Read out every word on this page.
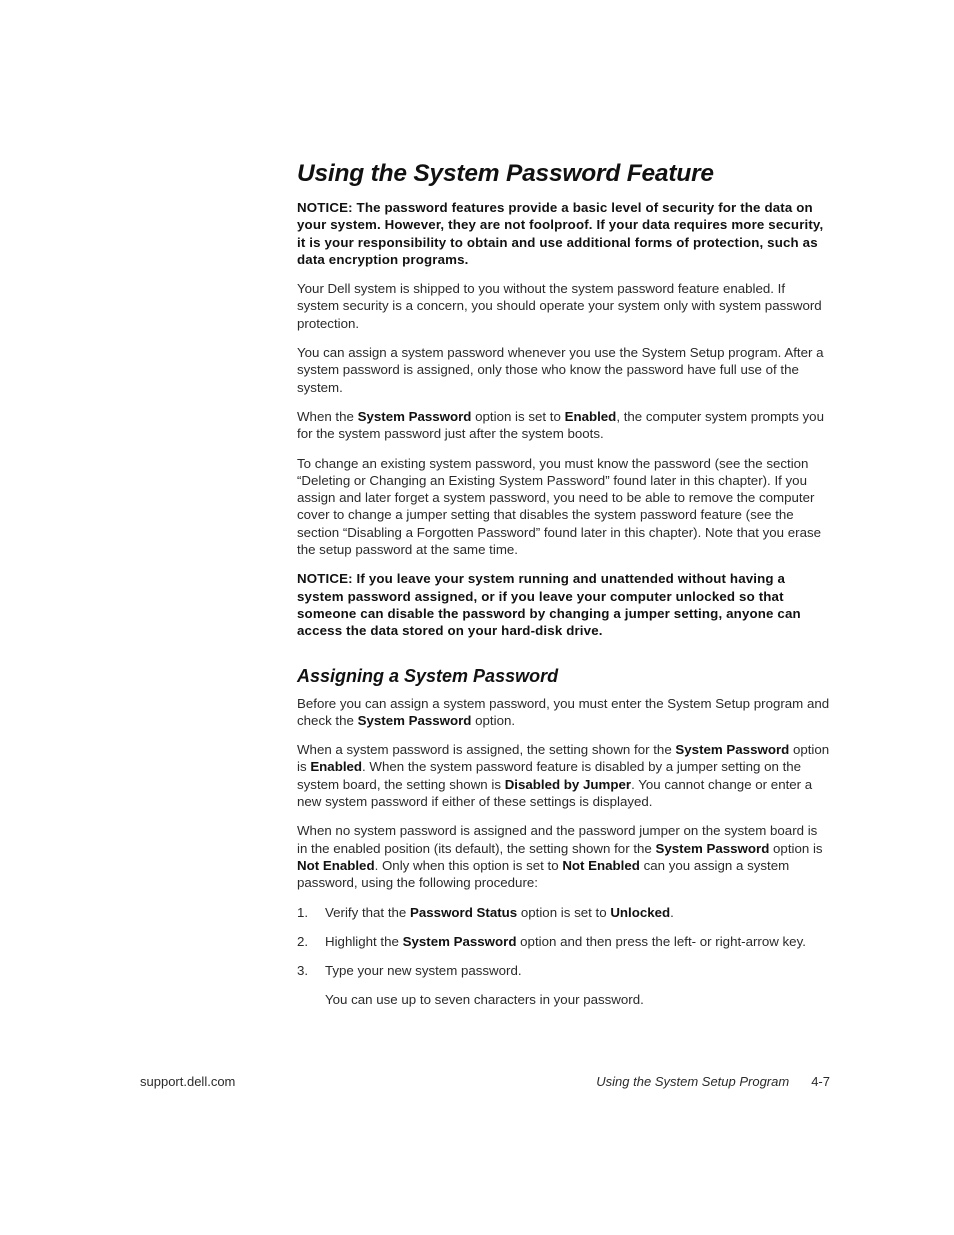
Using the System Password Feature

NOTICE: The password features provide a basic level of security for the data on your system. However, they are not foolproof. If your data requires more security, it is your responsibility to obtain and use additional forms of protection, such as data encryption programs.

Your Dell system is shipped to you without the system password feature enabled. If system security is a concern, you should operate your system only with system password protection.

You can assign a system password whenever you use the System Setup program. After a system password is assigned, only those who know the password have full use of the system.

When the System Password option is set to Enabled, the computer system prompts you for the system password just after the system boots.

To change an existing system password, you must know the password (see the section “Deleting or Changing an Existing System Password” found later in this chapter). If you assign and later forget a system password, you need to be able to remove the computer cover to change a jumper setting that disables the system password feature (see the section “Disabling a Forgotten Password” found later in this chapter). Note that you erase the setup password at the same time.

NOTICE: If you leave your system running and unattended without having a system password assigned, or if you leave your computer unlocked so that someone can disable the password by changing a jumper setting, anyone can access the data stored on your hard-disk drive.

Assigning a System Password

Before you can assign a system password, you must enter the System Setup program and check the System Password option.

When a system password is assigned, the setting shown for the System Password option is Enabled. When the system password feature is disabled by a jumper setting on the system board, the setting shown is Disabled by Jumper. You cannot change or enter a new system password if either of these settings is displayed.

When no system password is assigned and the password jumper on the system board is in the enabled position (its default), the setting shown for the System Password option is Not Enabled. Only when this option is set to Not Enabled can you assign a system password, using the following procedure:

1. Verify that the Password Status option is set to Unlocked.
2. Highlight the System Password option and then press the left- or right-arrow key.
3. Type your new system password.
You can use up to seven characters in your password.
support.dell.com	Using the System Setup Program 4-7
